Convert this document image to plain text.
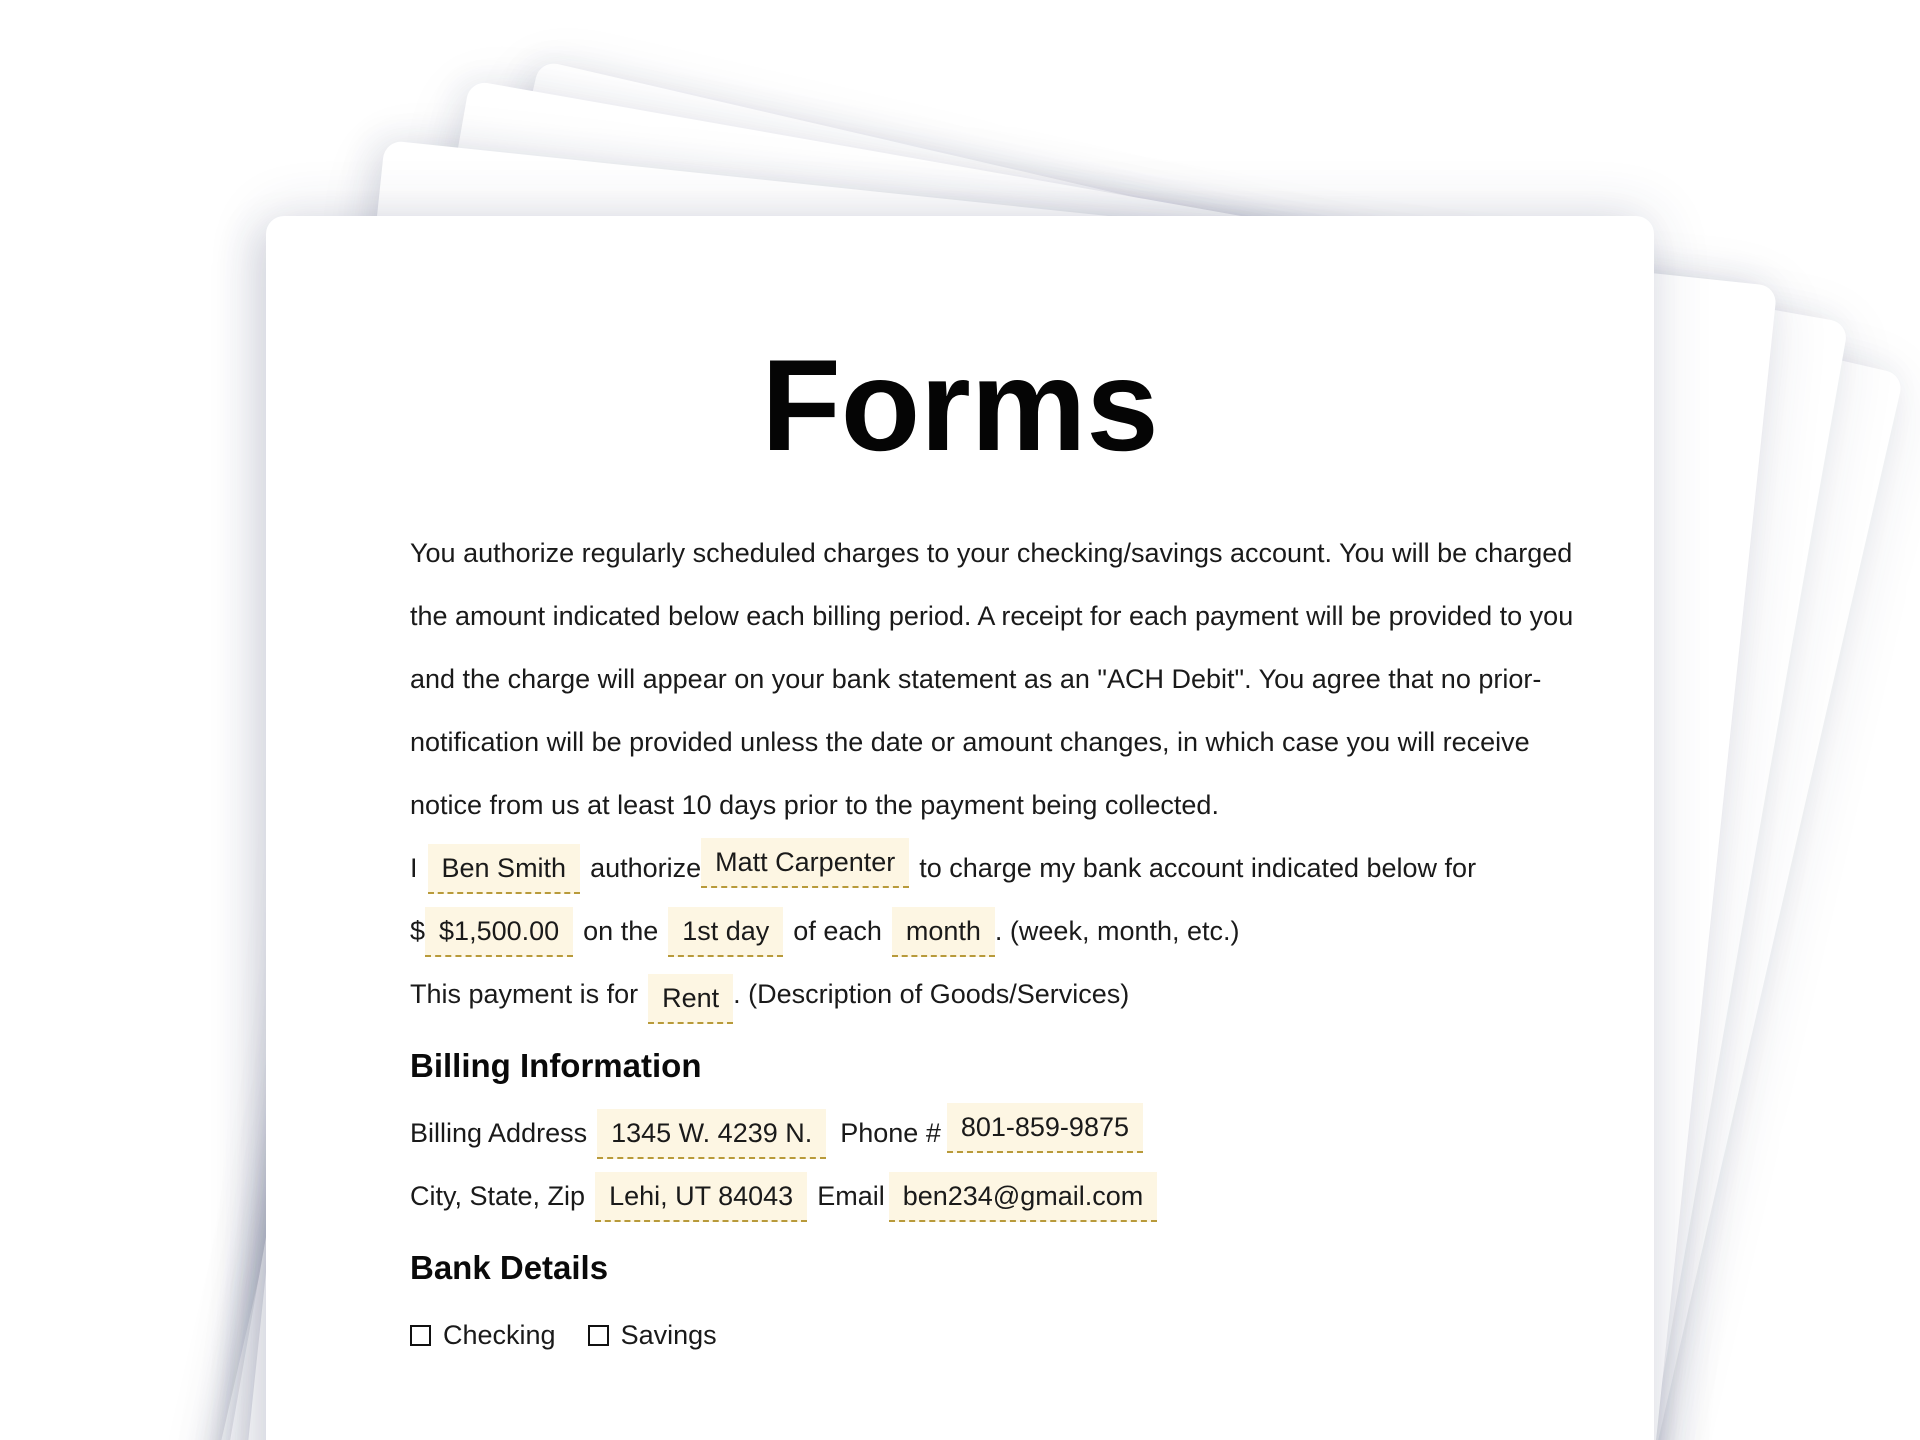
Forms

You authorize regularly scheduled charges to your checking/savings account. You will be charged the amount indicated below each billing period. A receipt for each payment will be provided to you and the charge will appear on your bank statement as an "ACH Debit". You agree that no prior-notification will be provided unless the date or amount changes, in which case you will receive notice from us at least 10 days prior to the payment being collected.

I Ben Smith authorize Matt Carpenter to charge my bank account indicated below for
$ $1,500.00 on the 1st day of each month . (week, month, etc.)
This payment is for Rent . (Description of Goods/Services)
Billing Information
Billing Address 1345 W. 4239 N.	Phone # 801-859-9875
City, State, Zip Lehi, UT 84043 Email ben234@gmail.com
Bank Details
Checking Savings
